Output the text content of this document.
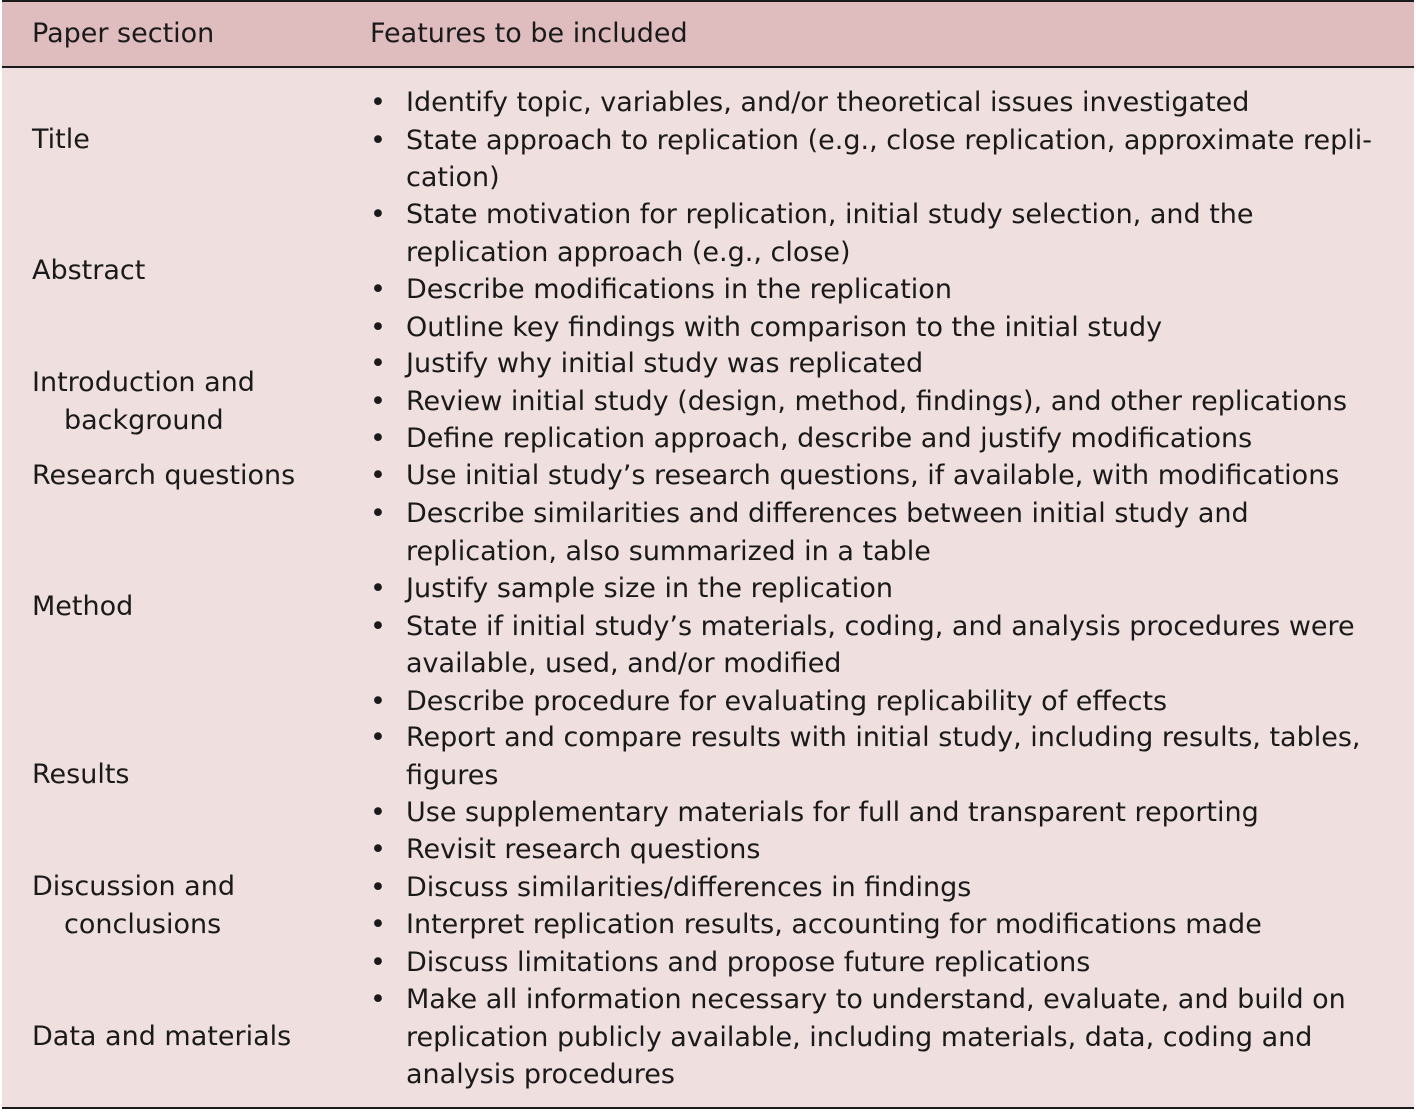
Paper section	Features to be included
Title
• Identify topic, variables, and/or theoretical issues investigated
• State approach to replication (e.g., close replication, approximate repli-cation)
Abstract
• State motivation for replication, initial study selection, and the replication approach (e.g., close)
• Describe modifications in the replication
• Outline key findings with comparison to the initial study
Introduction and background
• Justify why initial study was replicated
• Review initial study (design, method, findings), and other replications
• Define replication approach, describe and justify modifications
Research questions
•	Use initial study’s research questions, if available, with modifications
Method
• Describe similarities and differences between initial study and replication, also summarized in a table
• Justify sample size in the replication
• State if initial study’s materials, coding, and analysis procedures were available, used, and/or modified
• Describe procedure for evaluating replicability of effects
Results
• Report and compare results with initial study, including results, tables, figures
• Use supplementary materials for full and transparent reporting
Discussion and conclusions
• Revisit research questions
• Discuss similarities/differences in findings
• Interpret replication results, accounting for modifications made
• Discuss limitations and propose future replications
Data and materials
• Make all information necessary to understand, evaluate, and build on replication publicly available, including materials, data, coding and analysis procedures
